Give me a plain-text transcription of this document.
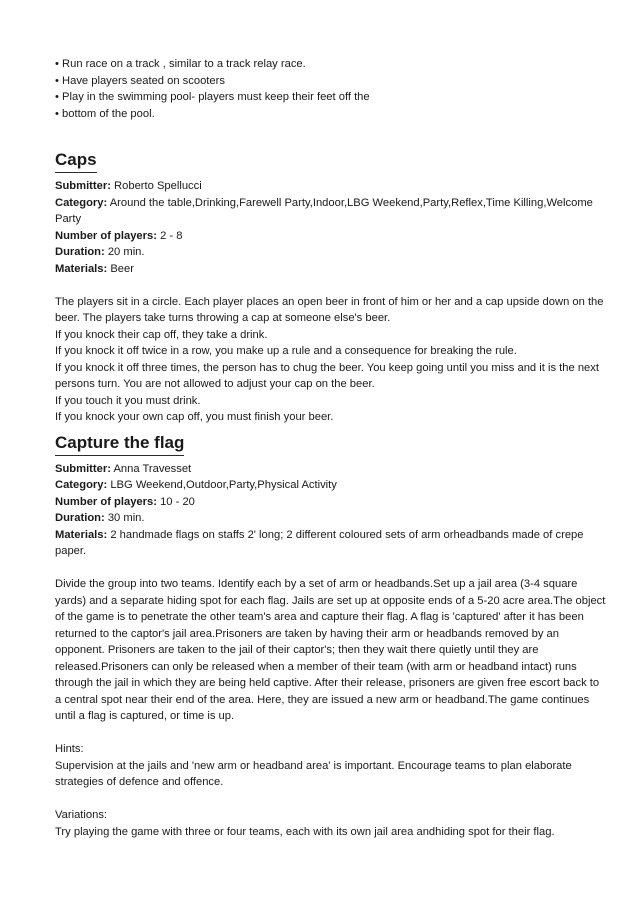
• Run race on a track , similar to a track relay race.
• Have players seated on scooters
• Play in the swimming pool- players must keep their feet off the
• bottom of the pool.
Caps
Submitter: Roberto Spellucci
Category: Around the table,Drinking,Farewell Party,Indoor,LBG Weekend,Party,Reflex,Time Killing,Welcome
Party
Number of players: 2 - 8
Duration: 20 min.
Materials: Beer
The players sit in a circle. Each player places an open beer in front of him or her and a cap upside down on the
beer. The players take turns throwing a cap at someone else's beer.
If you knock their cap off, they take a drink.
If you knock it off twice in a row, you make up a rule and a consequence for breaking the rule.
If you knock it off three times, the person has to chug the beer. You keep going until you miss and it is the next
persons turn. You are not allowed to adjust your cap on the beer.
If you touch it you must drink.
If you knock your own cap off, you must finish your beer.
Capture the flag
Submitter: Anna Travesset
Category: LBG Weekend,Outdoor,Party,Physical Activity
Number of players: 10 - 20
Duration: 30 min.
Materials: 2 handmade flags on staffs 2' long; 2 different coloured sets of arm orheadbands made of crepe
paper.
Divide the group into two teams. Identify each by a set of arm or headbands.Set up a jail area (3-4 square
yards) and a separate hiding spot for each flag. Jails are set up at opposite ends of a 5-20 acre area.The object
of the game is to penetrate the other team's area and capture their flag. A flag is 'captured' after it has been
returned to the captor's jail area.Prisoners are taken by having their arm or headbands removed by an
opponent. Prisoners are taken to the jail of their captor's; then they wait there quietly until they are
released.Prisoners can only be released when a member of their team (with arm or headband intact) runs
through the jail in which they are being held captive. After their release, prisoners are given free escort back to
a central spot near their end of the area. Here, they are issued a new arm or headband.The game continues
until a flag is captured, or time is up.
Hints:
Supervision at the jails and 'new arm or headband area' is important. Encourage teams to plan elaborate
strategies of defence and offence.
Variations:
Try playing the game with three or four teams, each with its own jail area andhiding spot for their flag.
